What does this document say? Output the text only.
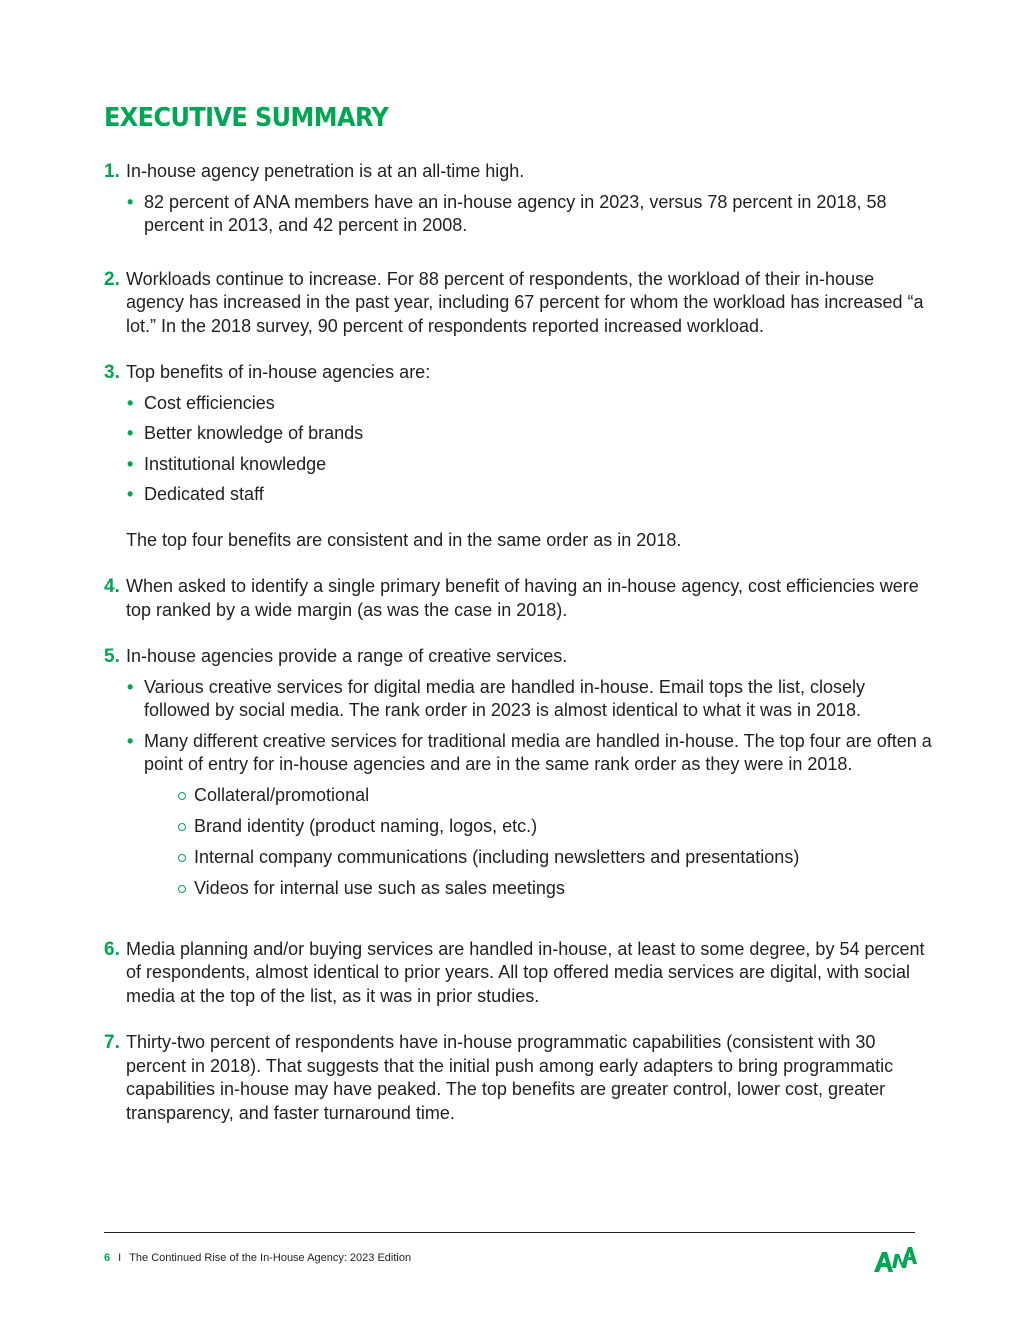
EXECUTIVE SUMMARY
1. In-house agency penetration is at an all-time high.

• 82 percent of ANA members have an in-house agency in 2023, versus 78 percent in 2018, 58 percent in 2013, and 42 percent in 2008.
2. Workloads continue to increase. For 88 percent of respondents, the workload of their in-house agency has increased in the past year, including 67 percent for whom the workload has increased “a lot.” In the 2018 survey, 90 percent of respondents reported increased workload.

3. Top benefits of in-house agencies are:

• Cost efficiencies
• Better knowledge of brands
• Institutional knowledge
• Dedicated staff

The top four benefits are consistent and in the same order as in 2018.

4. When asked to identify a single primary benefit of having an in-house agency, cost efficiencies were top ranked by a wide margin (as was the case in 2018).

5. In-house agencies provide a range of creative services.

• Various creative services for digital media are handled in-house. Email tops the list, closely followed by social media. The rank order in 2023 is almost identical to what it was in 2018.
• Many different creative services for traditional media are handled in-house. The top four are often a point of entry for in-house agencies and are in the same rank order as they were in 2018.
Collateral/promotional
Brand identity (product naming, logos, etc.)
Internal company communications (including newsletters and presentations)
Videos for internal use such as sales meetings
6. Media planning and/or buying services are handled in-house, at least to some degree, by 54 percent of respondents, almost identical to prior years. All top offered media services are digital, with social media at the top of the list, as it was in prior studies.

7. Thirty-two percent of respondents have in-house programmatic capabilities (consistent with 30 percent in 2018). That suggests that the initial push among early adapters to bring programmatic capabilities in-house may have peaked. The top benefits are greater control, lower cost, greater transparency, and faster turnaround time.

6 I The Continued Rise of the In-House Agency: 2023 Edition
